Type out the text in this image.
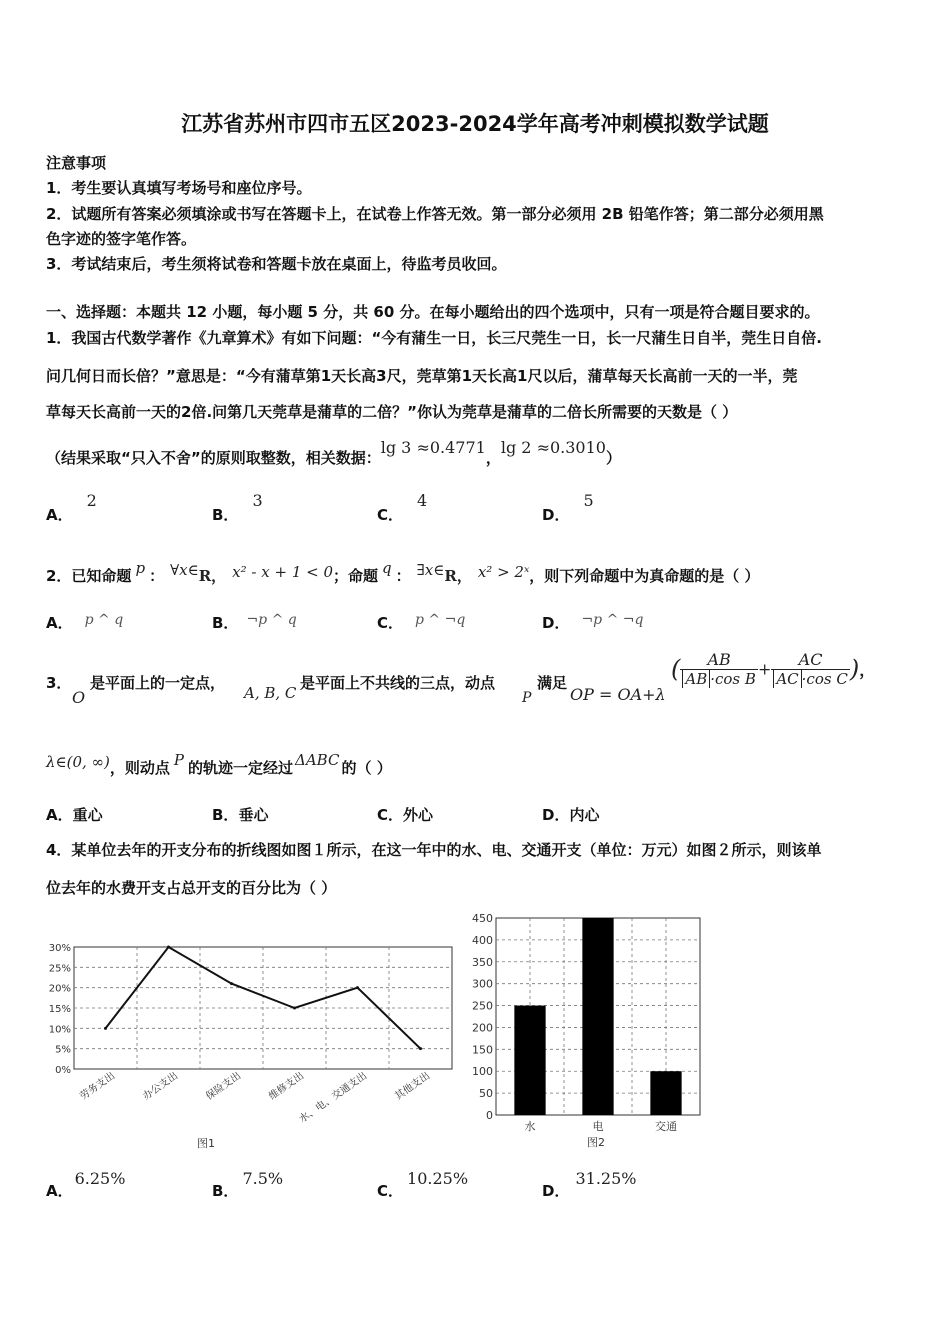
江苏省苏州市四市五区2023-2024学年高考冲刺模拟数学试题
注意事项
1．考生要认真填写考场号和座位序号。
2．试题所有答案必须填涂或书写在答题卡上，在试卷上作答无效。第一部分必须用 2B 铅笔作答；第二部分必须用黑
色字迹的签字笔作答。
3．考试结束后，考生须将试卷和答题卡放在桌面上，待监考员收回。
一、选择题：本题共 12 小题，每小题 5 分，共 60 分。在每小题给出的四个选项中，只有一项是符合题目要求的。
1．我国古代数学著作《九章算术》有如下问题：“今有蒲生一日，长三尺莞生一日，长一尺蒲生日自半，莞生日自倍.
问几何日而长倍？”意思是：“今有蒲草第1天长高3尺，莞草第1天长高1尺以后，蒲草每天长高前一天的一半，莞
草每天长高前一天的2倍.问第几天莞草是蒲草的二倍？”你认为莞草是蒲草的二倍长所需要的天数是（ ）
（结果采取“只入不舍”的原则取整数，相关数据：lg 3 ≈0.4771，lg 2 ≈0.3010）
A．2
B．3
C．4
D．5
2．已知命题 p ： ∀x∈R， x² - x + 1 < 0；命题 q ： ∃x∈R， x² > 2ˣ，则下列命题中为真命题的是（ ）
A． p ^ q	B． ¬p ^ q	C． p ^ ¬q	D． ¬p ^ ¬q
3．
O
是平面上的一定点，
A, B, C
是平面上不共线的三点，动点
P
满足
OP = OA+λ
( $\frac{AB}{\text{AB ·cos B}} + \frac{AC}{\text{AC ·cos C}}$ )，
λ∈(0, ∞)，则动点 P 的轨迹一定经过 ΔABC 的（ ）
A．重心	B．垂心	C．外心	D．内心
4．某单位去年的开支分布的折线图如图１所示，在这一年中的水、电、交通开支（单位：万元）如图２所示，则该单
位去年的水费开支占总开支的百分比为（ ）
0%
5%
10%
15%
20%
25%
30%
劳务支出 办公支出 保险支出 维修支出
水、电、交通支出 其他支出
图1
0
50
100
150
200
250
300
350
400
450
水	电	交通
图2
A．6.25%
B．7.5%
C．10.25%
D．31.25%
